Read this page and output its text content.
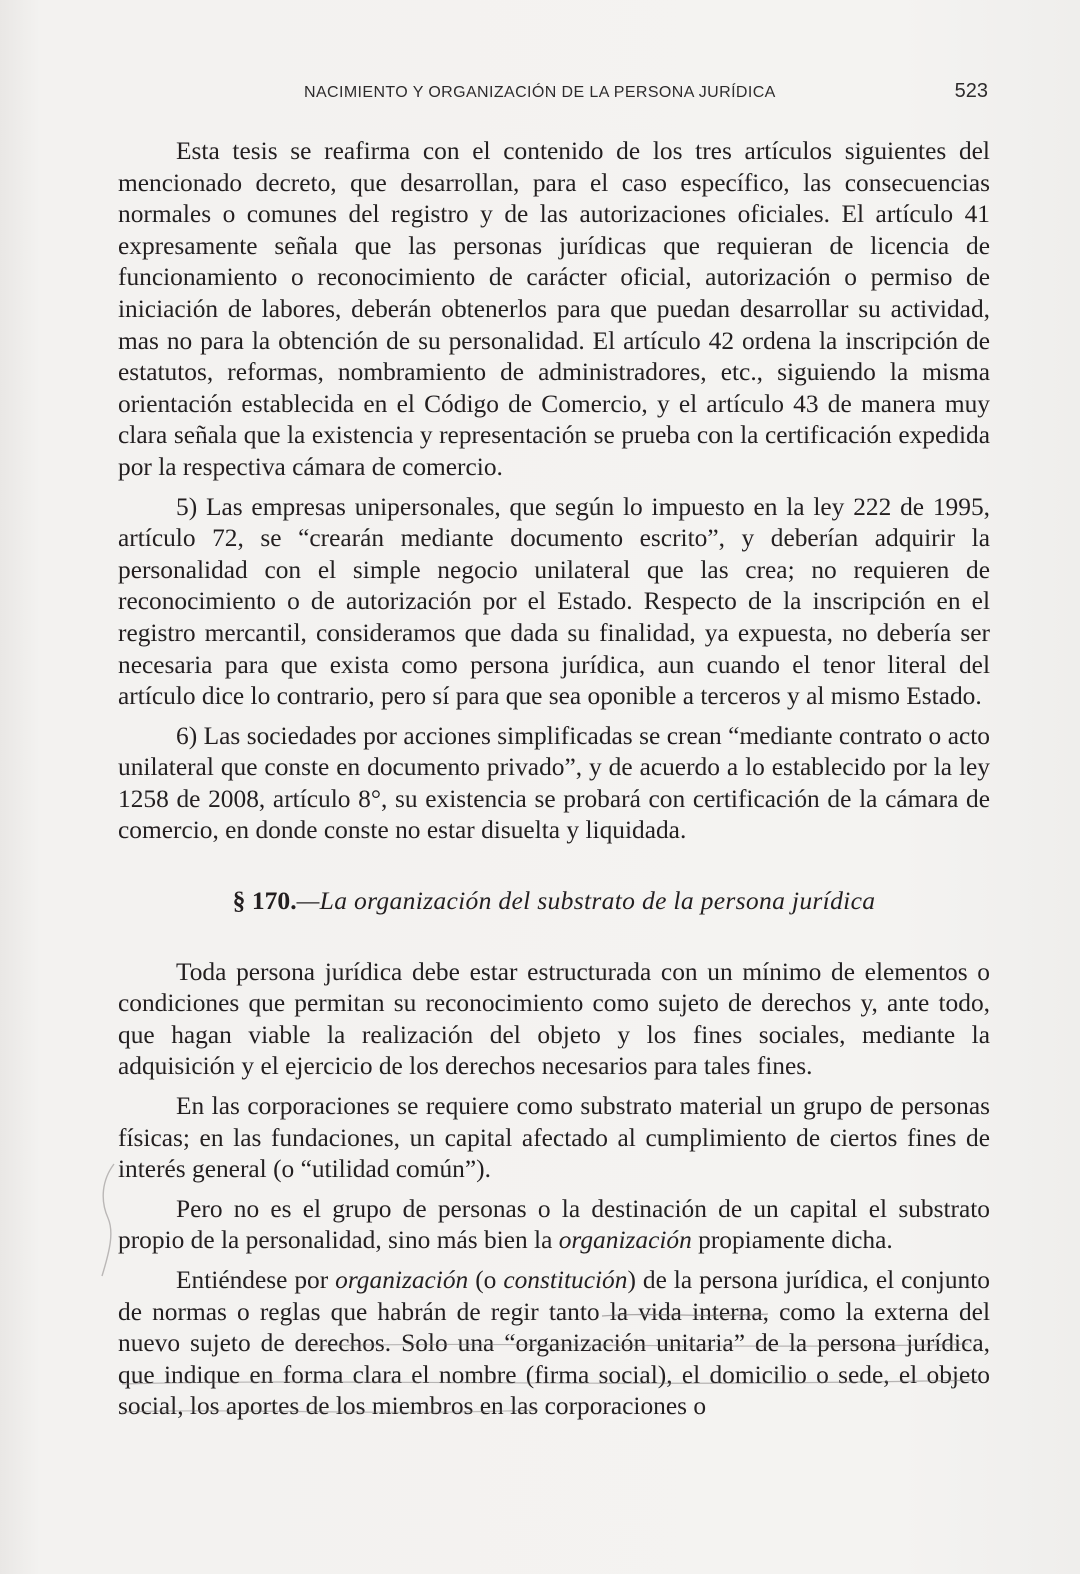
NACIMIENTO Y ORGANIZACIÓN DE LA PERSONA JURÍDICA	523

Esta tesis se reafirma con el contenido de los tres artículos siguientes del mencionado decreto, que desarrollan, para el caso específico, las consecuencias normales o comunes del registro y de las autorizaciones oficiales. El artículo 41 expresamente señala que las personas jurídicas que requieran de licencia de funcionamiento o reconocimiento de carácter oficial, autorización o permiso de iniciación de labores, deberán obtenerlos para que puedan desarrollar su actividad, mas no para la obtención de su personalidad. El artículo 42 ordena la inscripción de estatutos, reformas, nombramiento de administradores, etc., siguiendo la misma orientación establecida en el Código de Comercio, y el artículo 43 de manera muy clara señala que la existencia y representación se prueba con la certificación expedida por la respectiva cámara de comercio.

5) Las empresas unipersonales, que según lo impuesto en la ley 222 de 1995, artículo 72, se “crearán mediante documento escrito”, y deberían adquirir la personalidad con el simple negocio unilateral que las crea; no requieren de reconocimiento o de autorización por el Estado. Respecto de la inscripción en el registro mercantil, consideramos que dada su finalidad, ya expuesta, no debería ser necesaria para que exista como persona jurídica, aun cuando el tenor literal del artículo dice lo contrario, pero sí para que sea oponible a terceros y al mismo Estado.

6) Las sociedades por acciones simplificadas se crean “mediante contrato o acto unilateral que conste en documento privado”, y de acuerdo a lo establecido por la ley 1258 de 2008, artículo 8°, su existencia se probará con certificación de la cámara de comercio, en donde conste no estar disuelta y liquidada.

§ 170.—La organización del substrato de la persona jurídica

Toda persona jurídica debe estar estructurada con un mínimo de elementos o condiciones que permitan su reconocimiento como sujeto de derechos y, ante todo, que hagan viable la realización del objeto y los fines sociales, mediante la adquisición y el ejercicio de los derechos necesarios para tales fines.

En las corporaciones se requiere como substrato material un grupo de personas físicas; en las fundaciones, un capital afectado al cumplimiento de ciertos fines de interés general (o “utilidad común”).

Pero no es el grupo de personas o la destinación de un capital el substrato propio de la personalidad, sino más bien la organización propiamente dicha.

Entiéndese por organización (o constitución) de la persona jurídica, el conjunto de normas o reglas que habrán de regir tanto la vida interna, como la externa del nuevo sujeto de derechos. Solo una “organización unitaria” de la persona jurídica, que indique en forma clara el nombre (firma social), el domicilio o sede, el objeto social, los aportes de los miembros en las corporaciones o
